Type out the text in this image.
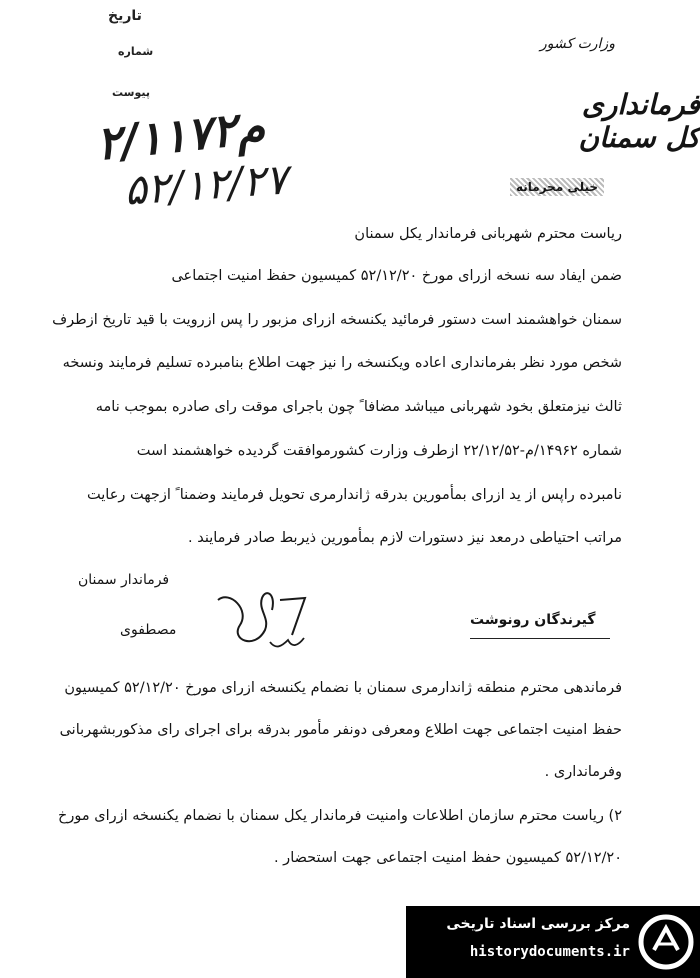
تاریخ
شماره
پیوست
وزارت کشور
فرمانداری کل سمنان
۲/۱۱۷۲م
۵۲/۱۲/۲۷	خیلی محرمانه
ریاست محترم شهربانی فرماندار یکل سمنان
ضمن ایفاد سه نسخه ازرای مورخ ۵۲/۱۲/۲۰ کمیسیون حفظ امنیت اجتماعی
سمنان خواهشمند است دستور فرمائید یکنسخه ازرای مزبور را پس ازرویت با قید تاریخ ازطرف
شخص مورد نظر بفرمانداری اعاده ویکنسخه را نیز جهت اطلاع بنامبرده تسلیم فرمایند ونسخه
ثالث نیزمتعلق بخود شهربانی میباشد مضافا ً چون باجرای موقت رای صادره بموجب نامه
شماره ۱۴۹۶۲/م-۲۲/۱۲/۵۲ ازطرف وزارت کشورموافقت گردیده خواهشمند است
نامبرده راپس از ید ازرای بمأمورین بدرقه ژاندارمری تحویل فرمایند وضمنا ً ازجهت رعایت
مراتب احتیاطی درمعد نیز دستورات لازم بمأمورین ذیربط صادر فرمایند .
فرماندار سمنان
مصطفوی
گیرندگان رونوشت
فرماندهی محترم منطقه ژاندارمری سمنان با نضمام یکنسخه ازرای مورخ ۵۲/۱۲/۲۰ کمیسیون
حفظ امنیت اجتماعی جهت اطلاع ومعرفی دونفر مأمور بدرقه برای اجرای رای مذکوربشهربانی
وفرمانداری .
۲) ریاست محترم سازمان اطلاعات وامنیت فرماندار یکل سمنان با نضمام یکنسخه ازرای مورخ
۵۲/۱۲/۲۰ کمیسیون حفظ امنیت اجتماعی جهت استحضار .
مرکز بررسی اسناد تاریخی
historydocuments.ir
